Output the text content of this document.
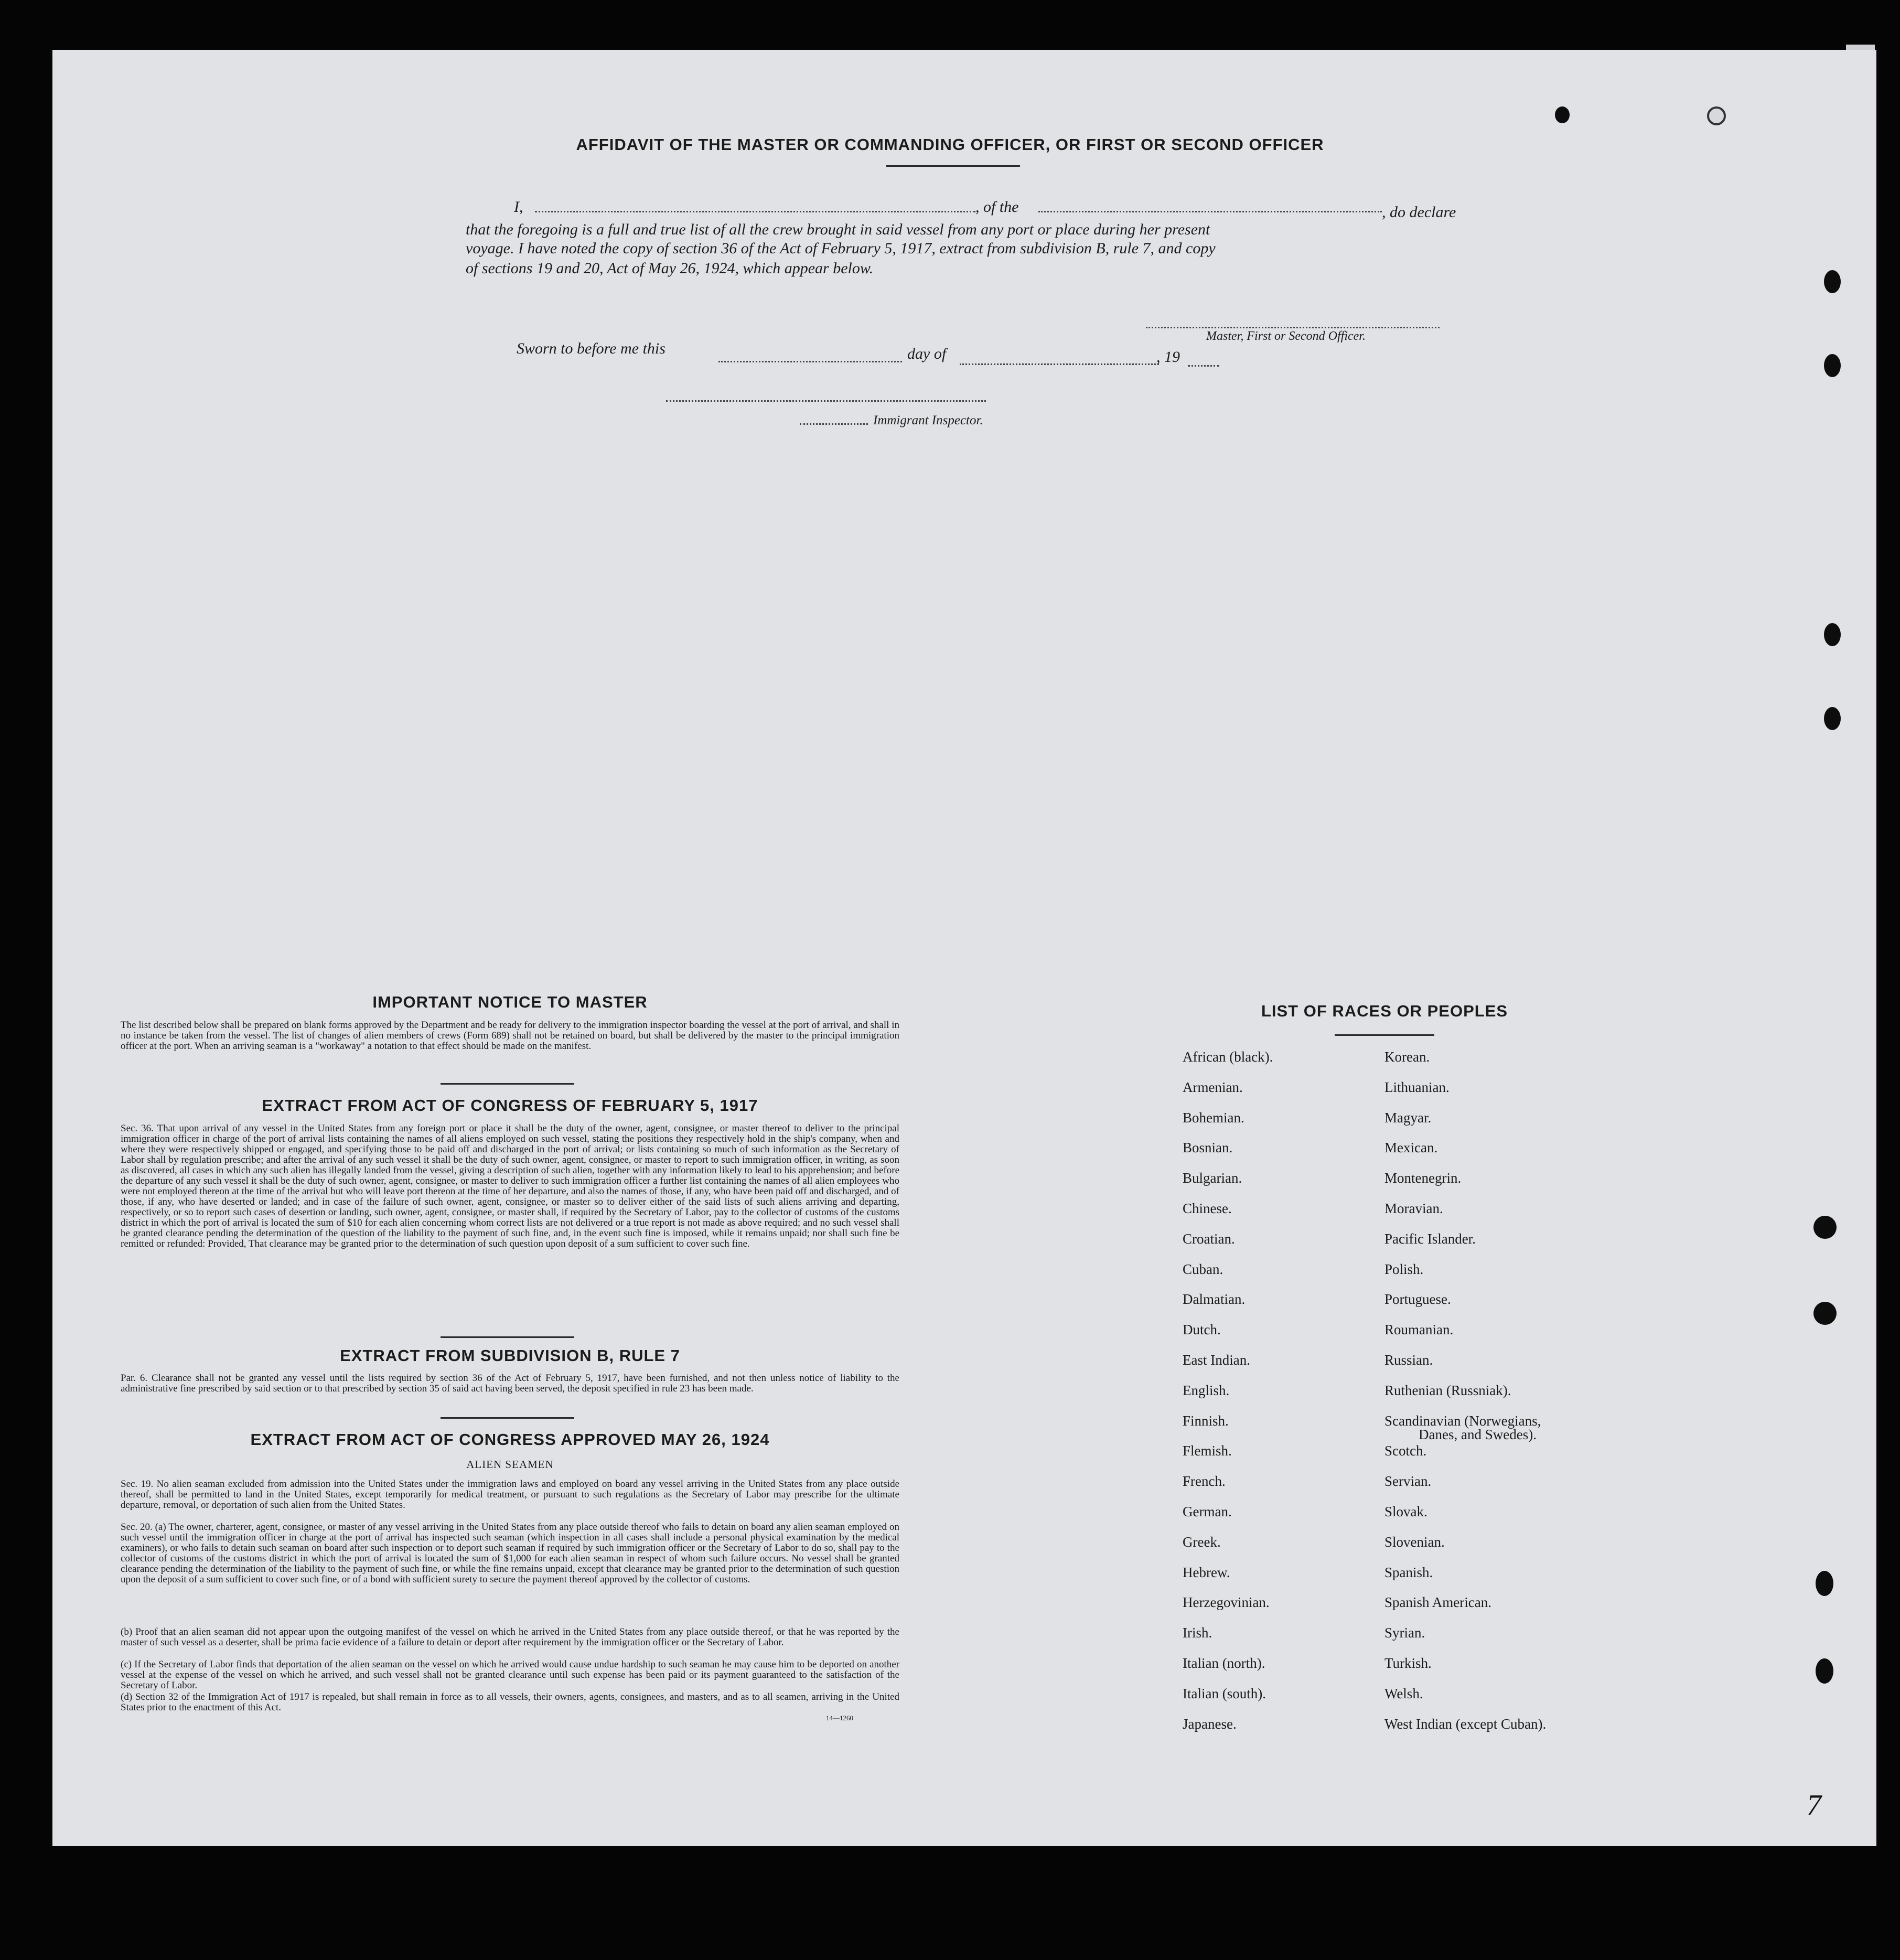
AFFIDAVIT OF THE MASTER OR COMMANDING OFFICER, OR FIRST OR SECOND OFFICER
I,	, of the	, do declare
that the foregoing is a full and true list of all the crew brought in said vessel from any port or place during her present
voyage. I have noted the copy of section 36 of the Act of February 5, 1917, extract from subdivision B, rule 7, and copy
of sections 19 and 20, Act of May 26, 1924, which appear below.
Master, First or Second Officer.
Sworn to before me this	day of	, 19
Immigrant Inspector.
IMPORTANT NOTICE TO MASTER
The list described below shall be prepared on blank forms approved by the Department and be ready for delivery to the immigration inspector boarding the vessel at the port of arrival, and shall in no instance be taken from the vessel. The list of changes of alien members of crews (Form 689) shall not be retained on board, but shall be delivered by the master to the principal immigration officer at the port. When an arriving seaman is a "workaway" a notation to that effect should be made on the manifest.
EXTRACT FROM ACT OF CONGRESS OF FEBRUARY 5, 1917
Sec. 36. That upon arrival of any vessel in the United States from any foreign port or place it shall be the duty of the owner, agent, consignee, or master thereof to deliver to the principal immigration officer in charge of the port of arrival lists containing the names of all aliens employed on such vessel, stating the positions they respectively hold in the ship's company, when and where they were respectively shipped or engaged, and specifying those to be paid off and discharged in the port of arrival; or lists containing so much of such information as the Secretary of Labor shall by regulation prescribe; and after the arrival of any such vessel it shall be the duty of such owner, agent, consignee, or master to report to such immigration officer, in writing, as soon as discovered, all cases in which any such alien has illegally landed from the vessel, giving a description of such alien, together with any information likely to lead to his apprehension; and before the departure of any such vessel it shall be the duty of such owner, agent, consignee, or master to deliver to such immigration officer a further list containing the names of all alien employees who were not employed thereon at the time of the arrival but who will leave port thereon at the time of her departure, and also the names of those, if any, who have been paid off and discharged, and of those, if any, who have deserted or landed; and in case of the failure of such owner, agent, consignee, or master so to deliver either of the said lists of such aliens arriving and departing, respectively, or so to report such cases of desertion or landing, such owner, agent, consignee, or master shall, if required by the Secretary of Labor, pay to the collector of customs of the customs district in which the port of arrival is located the sum of $10 for each alien concerning whom correct lists are not delivered or a true report is not made as above required; and no such vessel shall be granted clearance pending the determination of the question of the liability to the payment of such fine, and, in the event such fine is imposed, while it remains unpaid; nor shall such fine be remitted or refunded: Provided, That clearance may be granted prior to the determination of such question upon deposit of a sum sufficient to cover such fine.
EXTRACT FROM SUBDIVISION B, RULE 7
Par. 6. Clearance shall not be granted any vessel until the lists required by section 36 of the Act of February 5, 1917, have been furnished, and not then unless notice of liability to the administrative fine prescribed by said section or to that prescribed by section 35 of said act having been served, the deposit specified in rule 23 has been made.
EXTRACT FROM ACT OF CONGRESS APPROVED MAY 26, 1924
ALIEN SEAMEN
Sec. 19. No alien seaman excluded from admission into the United States under the immigration laws and employed on board any vessel arriving in the United States from any place outside thereof, shall be permitted to land in the United States, except temporarily for medical treatment, or pursuant to such regulations as the Secretary of Labor may prescribe for the ultimate departure, removal, or deportation of such alien from the United States.
Sec. 20. (a) The owner, charterer, agent, consignee, or master of any vessel arriving in the United States from any place outside thereof who fails to detain on board any alien seaman employed on such vessel until the immigration officer in charge at the port of arrival has inspected such seaman (which inspection in all cases shall include a personal physical examination by the medical examiners), or who fails to detain such seaman on board after such inspection or to deport such seaman if required by such immigration officer or the Secretary of Labor to do so, shall pay to the collector of customs of the customs district in which the port of arrival is located the sum of $1,000 for each alien seaman in respect of whom such failure occurs. No vessel shall be granted clearance pending the determination of the liability to the payment of such fine, or while the fine remains unpaid, except that clearance may be granted prior to the determination of such question upon the deposit of a sum sufficient to cover such fine, or of a bond with sufficient surety to secure the payment thereof approved by the collector of customs.
(b) Proof that an alien seaman did not appear upon the outgoing manifest of the vessel on which he arrived in the United States from any place outside thereof, or that he was reported by the master of such vessel as a deserter, shall be prima facie evidence of a failure to detain or deport after requirement by the immigration officer or the Secretary of Labor.
(c) If the Secretary of Labor finds that deportation of the alien seaman on the vessel on which he arrived would cause undue hardship to such seaman he may cause him to be deported on another vessel at the expense of the vessel on which he arrived, and such vessel shall not be granted clearance until such expense has been paid or its payment guaranteed to the satisfaction of the Secretary of Labor.
(d) Section 32 of the Immigration Act of 1917 is repealed, but shall remain in force as to all vessels, their owners, agents, consignees, and masters, and as to all seamen, arriving in the United States prior to the enactment of this Act.
14—1260
LIST OF RACES OR PEOPLES
African (black).
Armenian.
Bohemian.
Bosnian.
Bulgarian.
Chinese.
Croatian.
Cuban.
Dalmatian.
Dutch.
East Indian.
English.
Finnish.
Flemish.
French.
German.
Greek.
Hebrew.
Herzegovinian.
Irish.
Italian (north).
Italian (south).
Japanese.
Korean.
Lithuanian.
Magyar.
Mexican.
Montenegrin.
Moravian.
Pacific Islander.
Polish.
Portuguese.
Roumanian.
Russian.
Ruthenian (Russniak).
Scandinavian (Norwegians,
Scotch.
Servian.
Slovak.
Slovenian.
Spanish.
Spanish American.
Syrian.
Turkish.
Welsh.
West Indian (except Cuban).
Danes, and Swedes).
7
